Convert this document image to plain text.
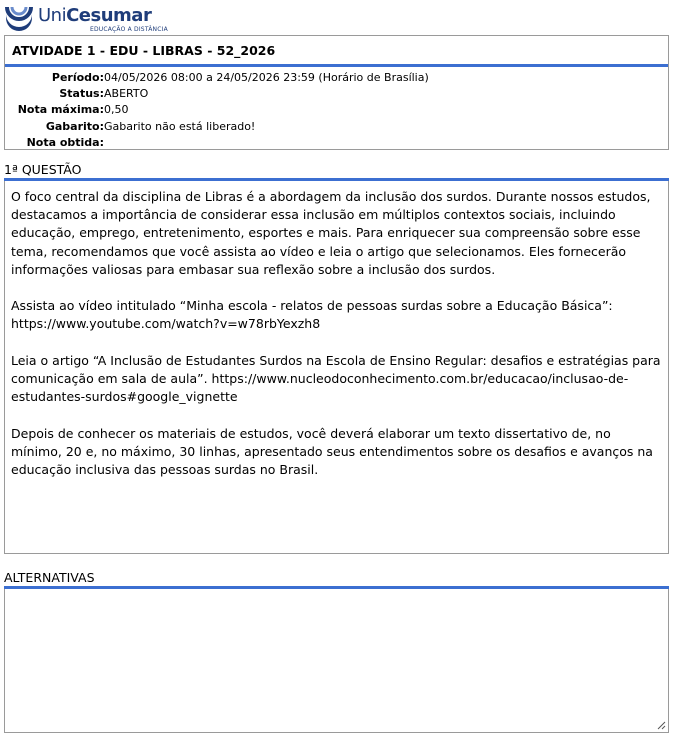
UniCesumar
EDUCAÇÃO A DISTÂNCIA
ATVIDADE 1 - EDU - LIBRAS - 52_2026
Período: 04/05/2026 08:00 a 24/05/2026 23:59 (Horário de Brasília)
Status: ABERTO
Nota máxima: 0,50
Gabarito: Gabarito não está liberado!
Nota obtida:
1ª QUESTÃO

O foco central da disciplina de Libras é a abordagem da inclusão dos surdos. Durante nossos estudos, destacamos a importância de considerar essa inclusão em múltiplos contextos sociais, incluindo educação, emprego, entretenimento, esportes e mais. Para enriquecer sua compreensão sobre esse tema, recomendamos que você assista ao vídeo e leia o artigo que selecionamos. Eles fornecerão informações valiosas para embasar sua reflexão sobre a inclusão dos surdos.

Assista ao vídeo intitulado “Minha escola - relatos de pessoas surdas sobre a Educação Básica”: https://www.youtube.com/watch?v=w78rbYexzh8

Leia o artigo “A Inclusão de Estudantes Surdos na Escola de Ensino Regular: desafios e estratégias para comunicação em sala de aula”. https://www.nucleodoconhecimento.com.br/educacao/inclusao-de-estudantes-surdos#google_vignette

Depois de conhecer os materiais de estudos, você deverá elaborar um texto dissertativo de, no mínimo, 20 e, no máximo, 30 linhas, apresentado seus entendimentos sobre os desafios e avanços na educação inclusiva das pessoas surdas no Brasil.

ALTERNATIVAS
